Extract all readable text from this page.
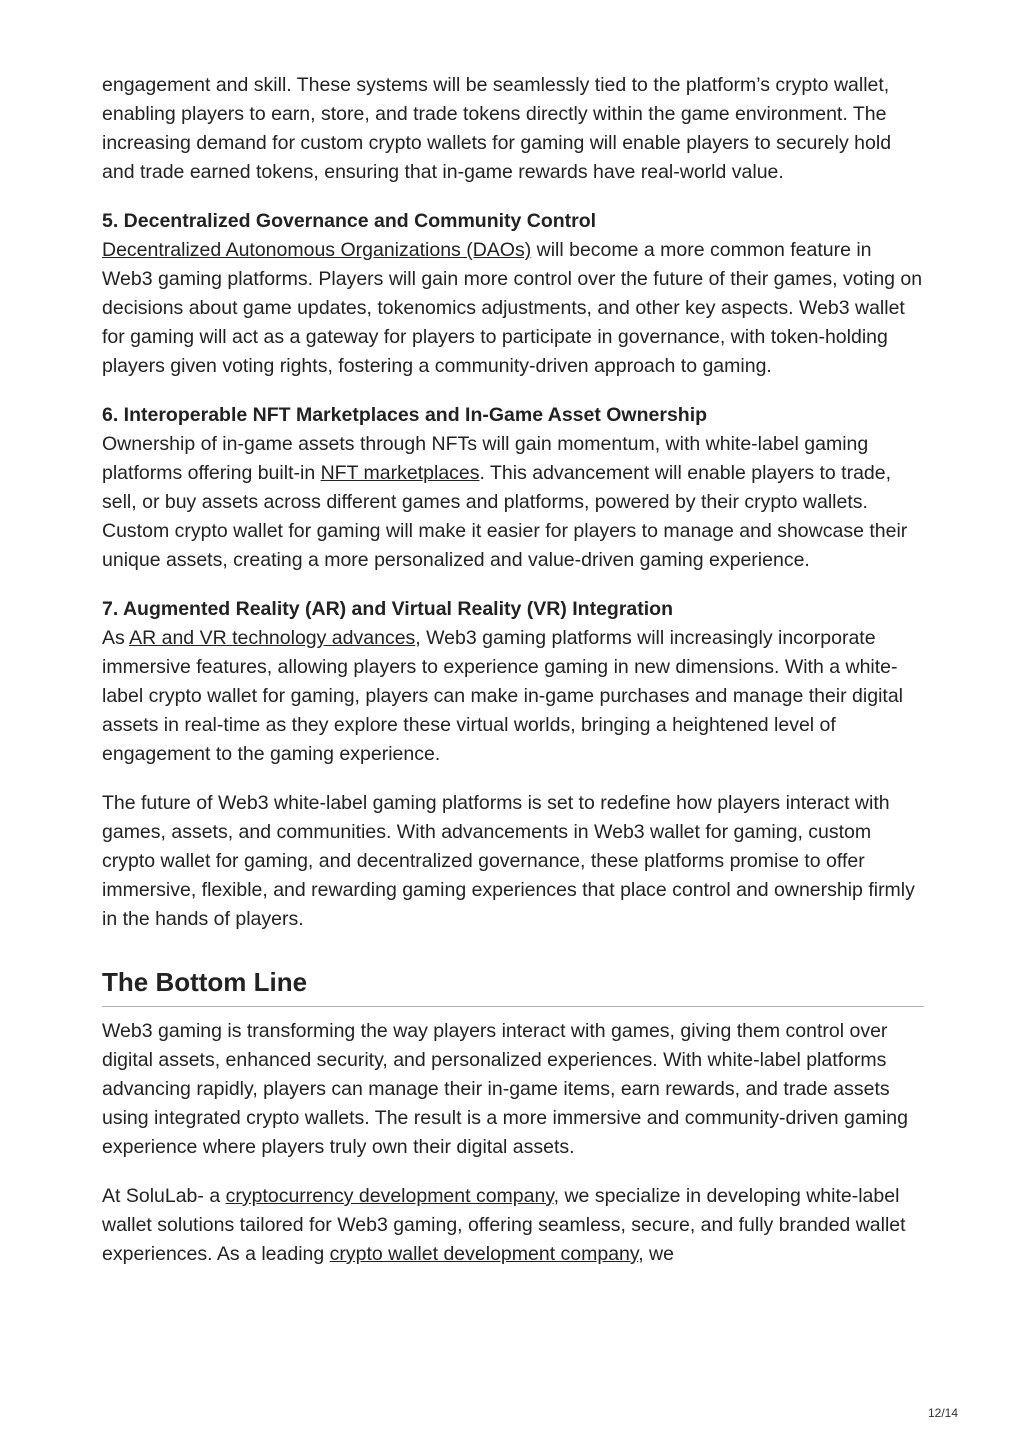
engagement and skill. These systems will be seamlessly tied to the platform’s crypto wallet, enabling players to earn, store, and trade tokens directly within the game environment. The increasing demand for custom crypto wallets for gaming will enable players to securely hold and trade earned tokens, ensuring that in-game rewards have real-world value.

5. Decentralized Governance and Community Control

Decentralized Autonomous Organizations (DAOs) will become a more common feature in Web3 gaming platforms. Players will gain more control over the future of their games, voting on decisions about game updates, tokenomics adjustments, and other key aspects. Web3 wallet for gaming will act as a gateway for players to participate in governance, with token-holding players given voting rights, fostering a community-driven approach to gaming.

6. Interoperable NFT Marketplaces and In-Game Asset Ownership

Ownership of in-game assets through NFTs will gain momentum, with white-label gaming platforms offering built-in NFT marketplaces. This advancement will enable players to trade, sell, or buy assets across different games and platforms, powered by their crypto wallets. Custom crypto wallet for gaming will make it easier for players to manage and showcase their unique assets, creating a more personalized and value-driven gaming experience.

7. Augmented Reality (AR) and Virtual Reality (VR) Integration

As AR and VR technology advances, Web3 gaming platforms will increasingly incorporate immersive features, allowing players to experience gaming in new dimensions. With a white-label crypto wallet for gaming, players can make in-game purchases and manage their digital assets in real-time as they explore these virtual worlds, bringing a heightened level of engagement to the gaming experience.

The future of Web3 white-label gaming platforms is set to redefine how players interact with games, assets, and communities. With advancements in Web3 wallet for gaming, custom crypto wallet for gaming, and decentralized governance, these platforms promise to offer immersive, flexible, and rewarding gaming experiences that place control and ownership firmly in the hands of players.

The Bottom Line

Web3 gaming is transforming the way players interact with games, giving them control over digital assets, enhanced security, and personalized experiences. With white-label platforms advancing rapidly, players can manage their in-game items, earn rewards, and trade assets using integrated crypto wallets. The result is a more immersive and community-driven gaming experience where players truly own their digital assets.

At SoluLab- a cryptocurrency development company, we specialize in developing white-label wallet solutions tailored for Web3 gaming, offering seamless, secure, and fully branded wallet experiences. As a leading crypto wallet development company, we

12/14
